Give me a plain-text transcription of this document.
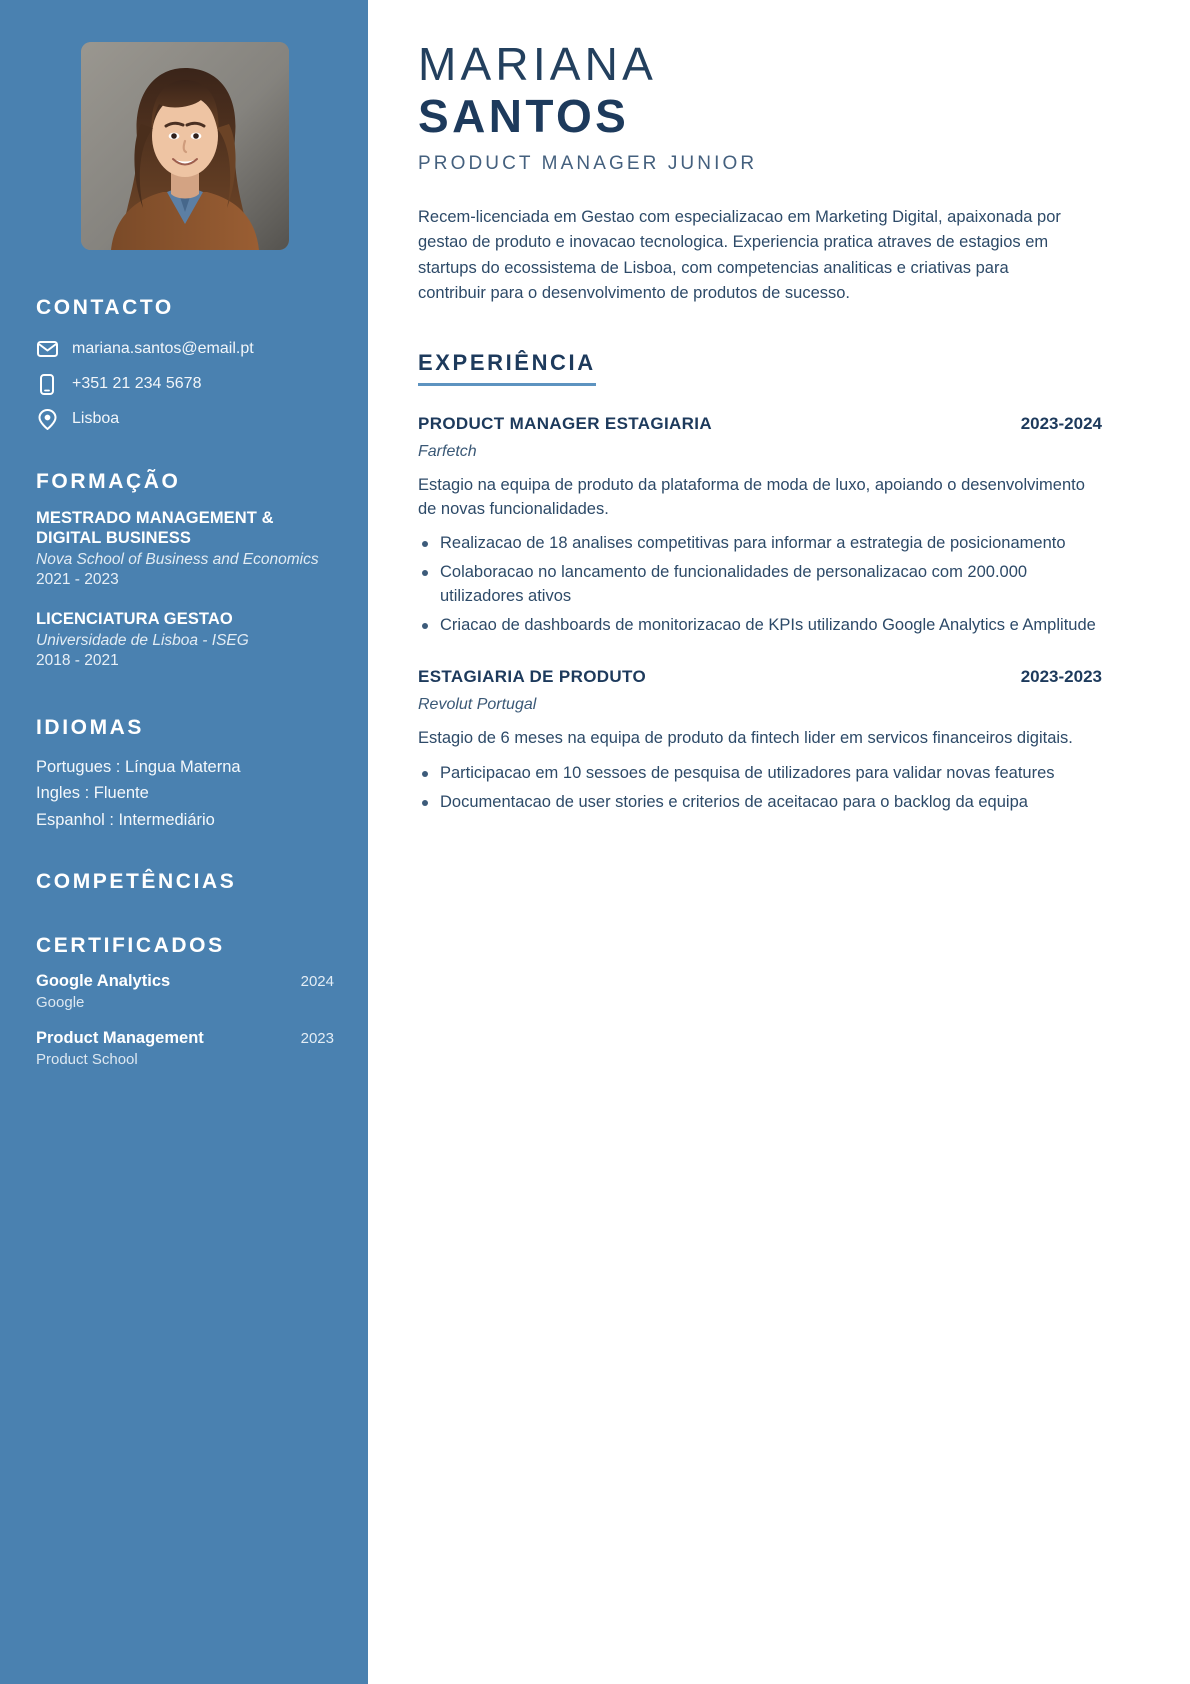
CONTACTO
mariana.santos@email.pt
+351 21 234 5678
Lisboa
FORMAÇÃO
MESTRADO MANAGEMENT & DIGITAL BUSINESS
Nova School of Business and Economics
2021 - 2023
LICENCIATURA GESTAO
Universidade de Lisboa - ISEG
2018 - 2021
IDIOMAS
Portugues : Língua Materna
Ingles : Fluente
Espanhol : Intermediário
COMPETÊNCIAS
CERTIFICADOS
Google Analytics	2024
Google
Product Management	2023
Product School
MARIANA
SANTOS
PRODUCT MANAGER JUNIOR

Recem-licenciada em Gestao com especializacao em Marketing Digital, apaixonada por gestao de produto e inovacao tecnologica. Experiencia pratica atraves de estagios em startups do ecossistema de Lisboa, com competencias analiticas e criativas para contribuir para o desenvolvimento de produtos de sucesso.

EXPERIÊNCIA
PRODUCT MANAGER ESTAGIARIA	2023-2024
Farfetch

Estagio na equipa de produto da plataforma de moda de luxo, apoiando o desenvolvimento de novas funcionalidades.

Realizacao de 18 analises competitivas para informar a estrategia de posicionamento
Colaboracao no lancamento de funcionalidades de personalizacao com 200.000 utilizadores ativos
Criacao de dashboards de monitorizacao de KPIs utilizando Google Analytics e Amplitude
ESTAGIARIA DE PRODUTO	2023-2023
Revolut Portugal

Estagio de 6 meses na equipa de produto da fintech lider em servicos financeiros digitais.

Participacao em 10 sessoes de pesquisa de utilizadores para validar novas features
Documentacao de user stories e criterios de aceitacao para o backlog da equipa
